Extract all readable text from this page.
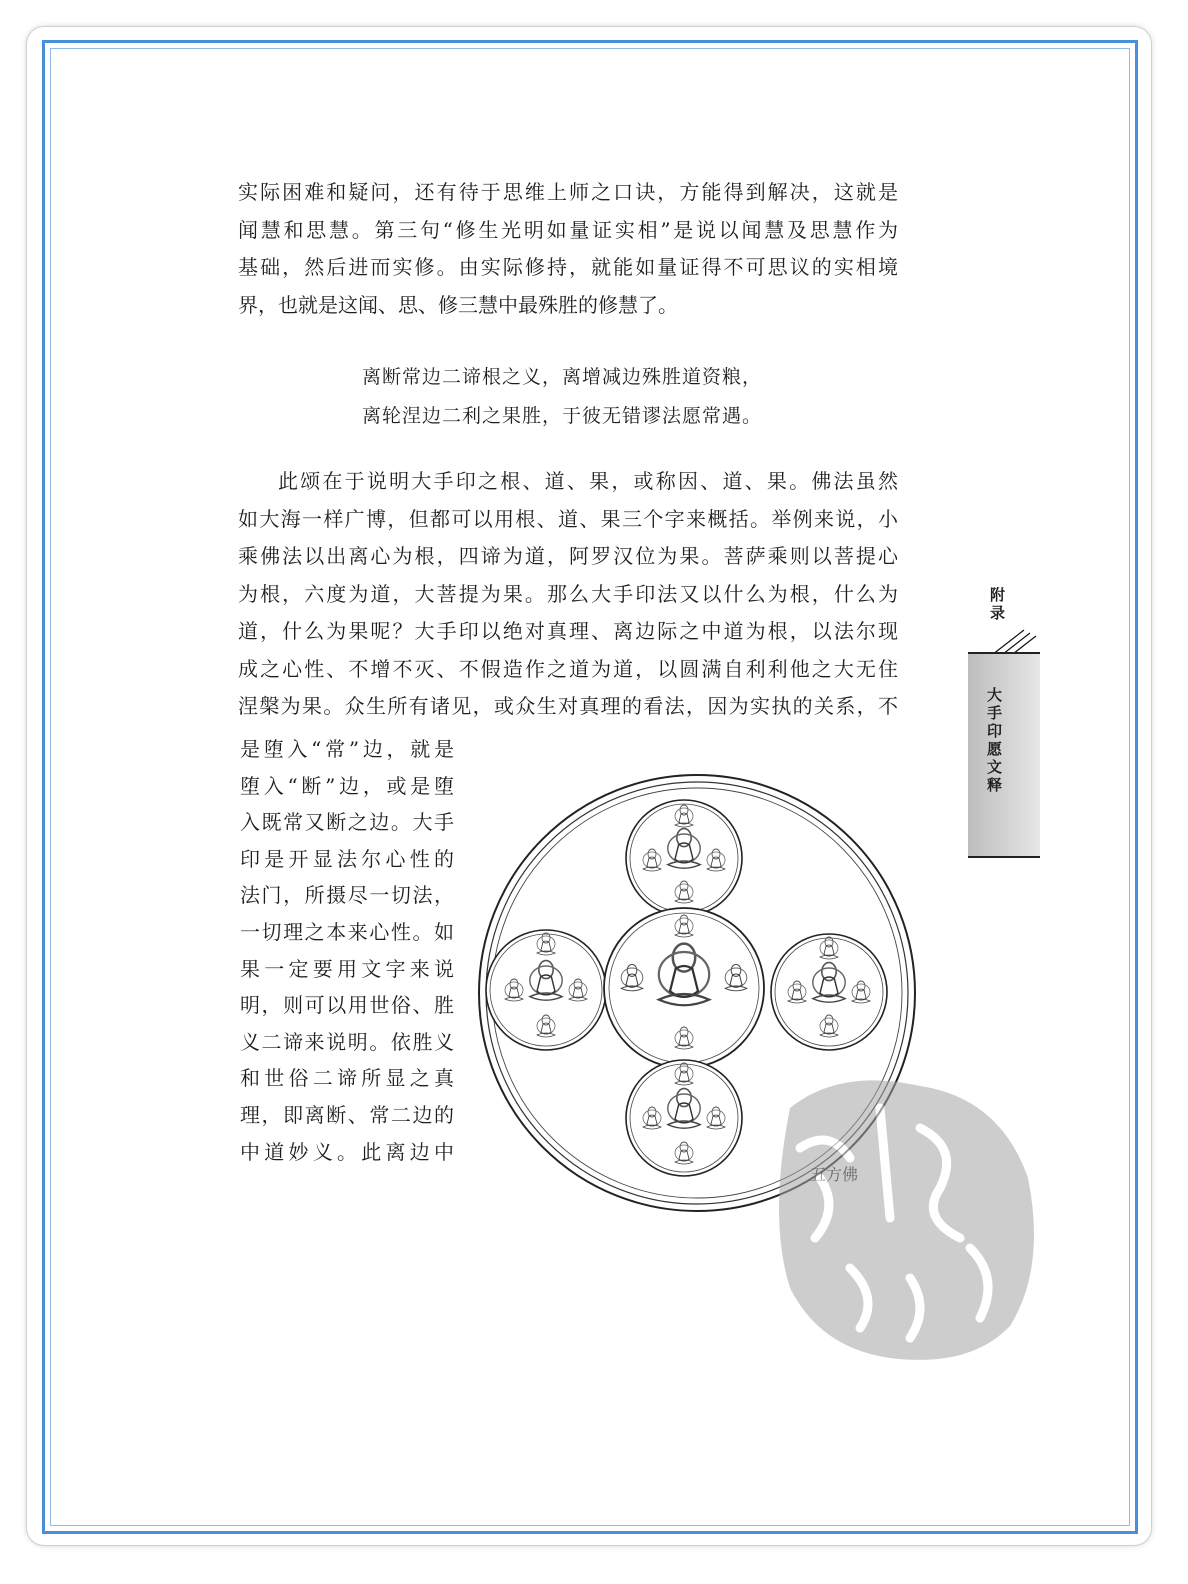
实际困难和疑问，还有待于思维上师之口诀，方能得到解决，这就是
闻慧和思慧。第三句“修生光明如量证实相”是说以闻慧及思慧作为
基础，然后进而实修。由实际修持，就能如量证得不可思议的实相境
界，也就是这闻、思、修三慧中最殊胜的修慧了。
离断常边二谛根之义，离增减边殊胜道资粮，
离轮涅边二利之果胜，于彼无错谬法愿常遇。
此颂在于说明大手印之根、道、果，或称因、道、果。佛法虽然
如大海一样广博，但都可以用根、道、果三个字来概括。举例来说，小
乘佛法以出离心为根，四谛为道，阿罗汉位为果。菩萨乘则以菩提心
为根，六度为道，大菩提为果。那么大手印法又以什么为根，什么为
道，什么为果呢？大手印以绝对真理、离边际之中道为根，以法尔现
成之心性、不增不灭、不假造作之道为道，以圆满自利利他之大无住
涅槃为果。众生所有诸见，或众生对真理的看法，因为实执的关系，不
是堕入“常”边，就是
堕入“断”边，或是堕
入既常又断之边。大手
印是开显法尔心性的
法门，所摄尽一切法，
一切理之本来心性。如
果一定要用文字来说
明，则可以用世俗、胜
义二谛来说明。依胜义
和世俗二谛所显之真
理，即离断、常二边的
中道妙义。此离边中
附录
大手印愿文释
